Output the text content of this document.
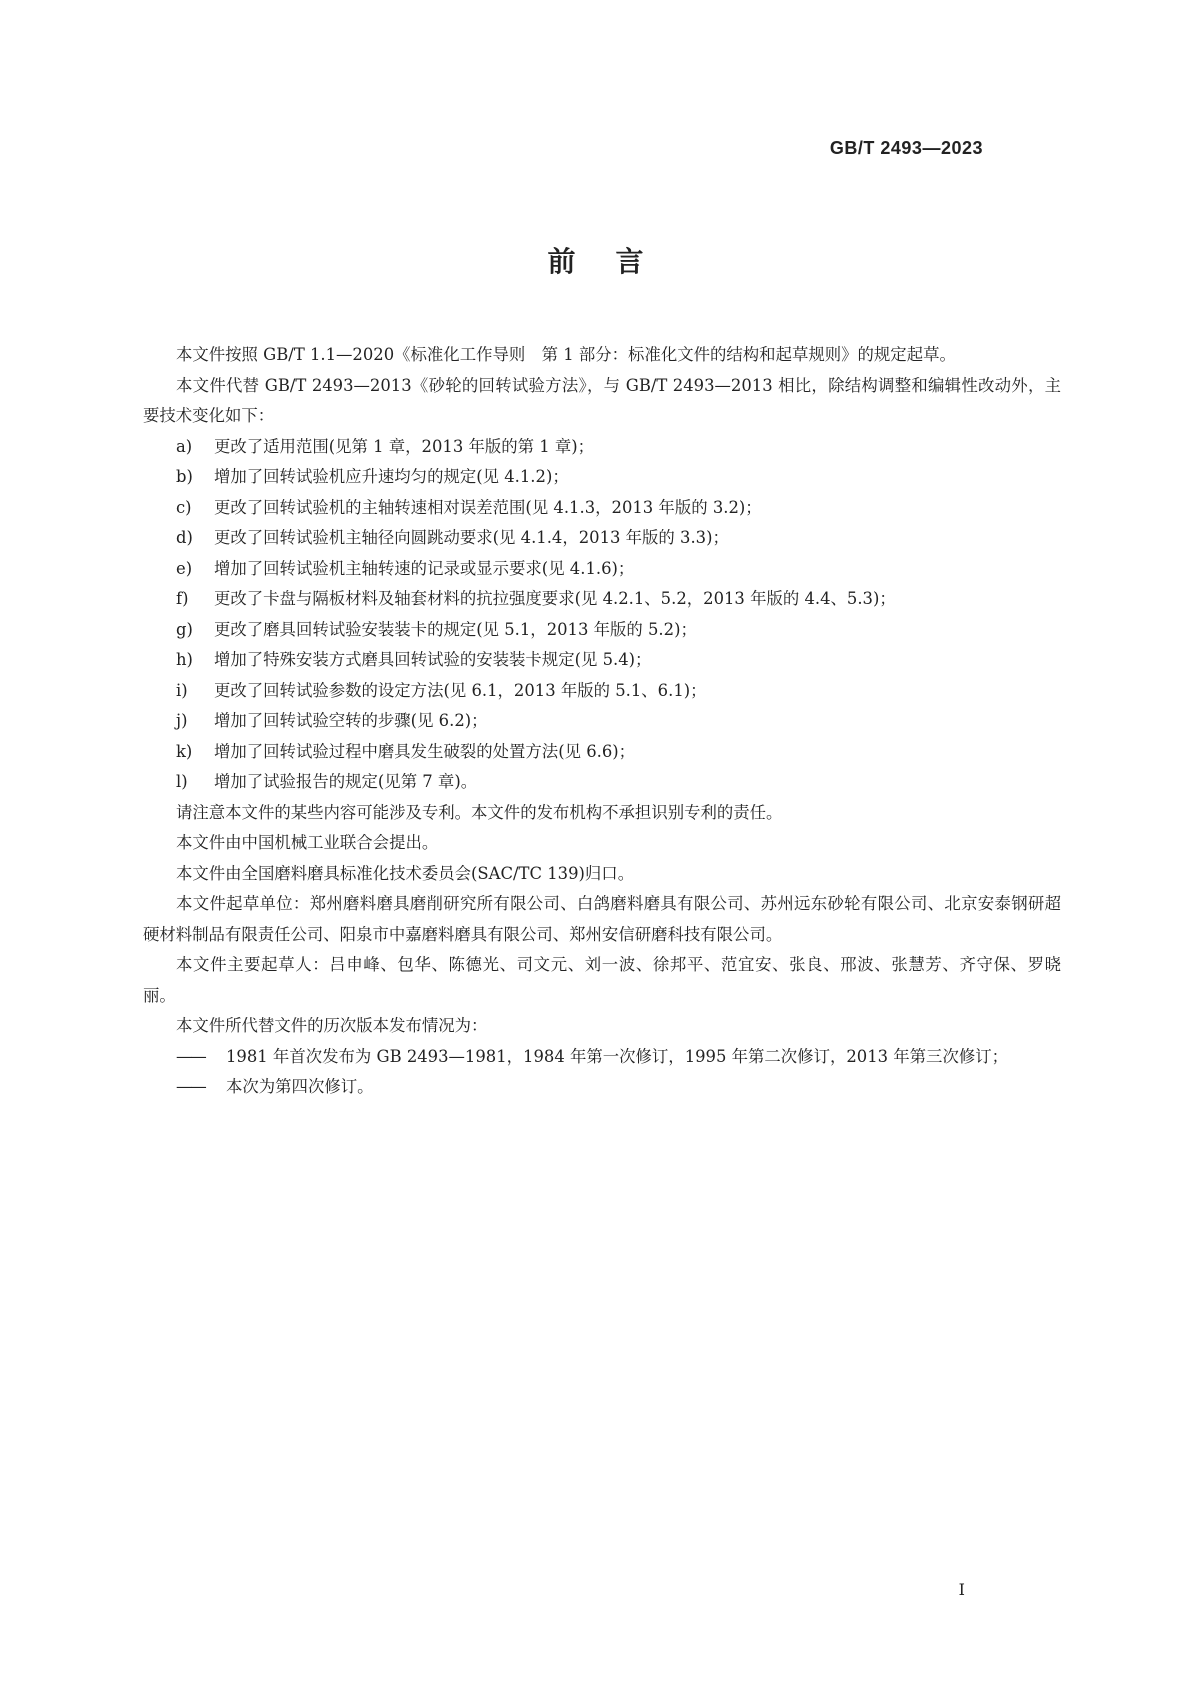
GB/T 2493—2023
前言

本文件按照 GB/T 1.1—2020《标准化工作导则　第 1 部分：标准化文件的结构和起草规则》的规定起草。

本文件代替 GB/T 2493—2013《砂轮的回转试验方法》，与 GB/T 2493—2013 相比，除结构调整和编辑性改动外，主要技术变化如下：

a) 更改了适用范围(见第 1 章，2013 年版的第 1 章)；

b) 增加了回转试验机应升速均匀的规定(见 4.1.2)；

c) 更改了回转试验机的主轴转速相对误差范围(见 4.1.3，2013 年版的 3.2)；

d) 更改了回转试验机主轴径向圆跳动要求(见 4.1.4，2013 年版的 3.3)；

e) 增加了回转试验机主轴转速的记录或显示要求(见 4.1.6)；

f) 更改了卡盘与隔板材料及轴套材料的抗拉强度要求(见 4.2.1、5.2，2013 年版的 4.4、5.3)；

g) 更改了磨具回转试验安装装卡的规定(见 5.1，2013 年版的 5.2)；

h) 增加了特殊安装方式磨具回转试验的安装装卡规定(见 5.4)；

i) 更改了回转试验参数的设定方法(见 6.1，2013 年版的 5.1、6.1)；

j) 增加了回转试验空转的步骤(见 6.2)；

k) 增加了回转试验过程中磨具发生破裂的处置方法(见 6.6)；

l) 增加了试验报告的规定(见第 7 章)。

请注意本文件的某些内容可能涉及专利。本文件的发布机构不承担识别专利的责任。

本文件由中国机械工业联合会提出。

本文件由全国磨料磨具标准化技术委员会(SAC/TC 139)归口。

本文件起草单位：郑州磨料磨具磨削研究所有限公司、白鸽磨料磨具有限公司、苏州远东砂轮有限公司、北京安泰钢研超硬材料制品有限责任公司、阳泉市中嘉磨料磨具有限公司、郑州安信研磨科技有限公司。

本文件主要起草人：吕申峰、包华、陈德光、司文元、刘一波、徐邦平、范宜安、张良、邢波、张慧芳、齐守保、罗晓丽。

本文件所代替文件的历次版本发布情况为：

—— 1981 年首次发布为 GB 2493—1981，1984 年第一次修订，1995 年第二次修订，2013 年第三次修订；

—— 本次为第四次修订。

I
